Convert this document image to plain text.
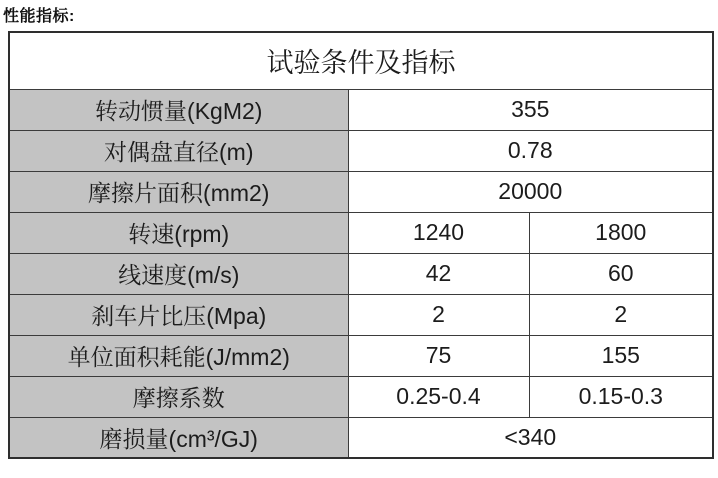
性能指标:
试验条件及指标		
转动惯量(KgM2)	355	
对偶盘直径(m)	0.78	
摩擦片面积(mm2)	20000	
转速(rpm)	1240	1800
线速度(m/s)	42	60
刹车片比压(Mpa)	2	2
单位面积耗能(J/mm2)	75	155
摩擦系数	0.25-0.4	0.15-0.3
磨损量(cm³/GJ)	<340	
